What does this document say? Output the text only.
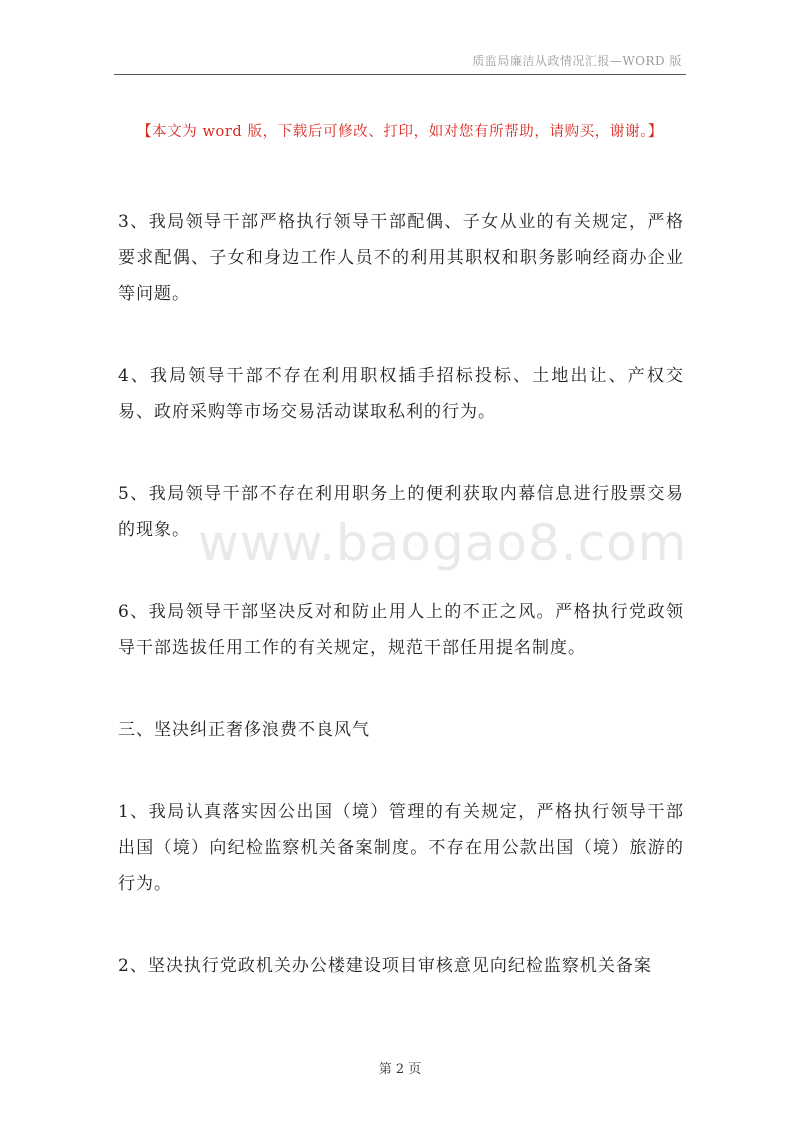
质监局廉洁从政情况汇报—WORD 版
【本文为 word 版，下载后可修改、打印，如对您有所帮助，请购买，谢谢。】

3、我局领导干部严格执行领导干部配偶、子女从业的有关规定，严格要求配偶、子女和身边工作人员不的利用其职权和职务影响经商办企业等问题。

4、我局领导干部不存在利用职权插手招标投标、土地出让、产权交易、政府采购等市场交易活动谋取私利的行为。

5、我局领导干部不存在利用职务上的便利获取内幕信息进行股票交易的现象。

6、我局领导干部坚决反对和防止用人上的不正之风。严格执行党政领导干部选拔任用工作的有关规定，规范干部任用提名制度。

三、坚决纠正奢侈浪费不良风气

1、我局认真落实因公出国（境）管理的有关规定，严格执行领导干部出国（境）向纪检监察机关备案制度。不存在用公款出国（境）旅游的行为。

2、坚决执行党政机关办公楼建设项目审核意见向纪检监察机关备案

www.baogao8.com
第 2 页
